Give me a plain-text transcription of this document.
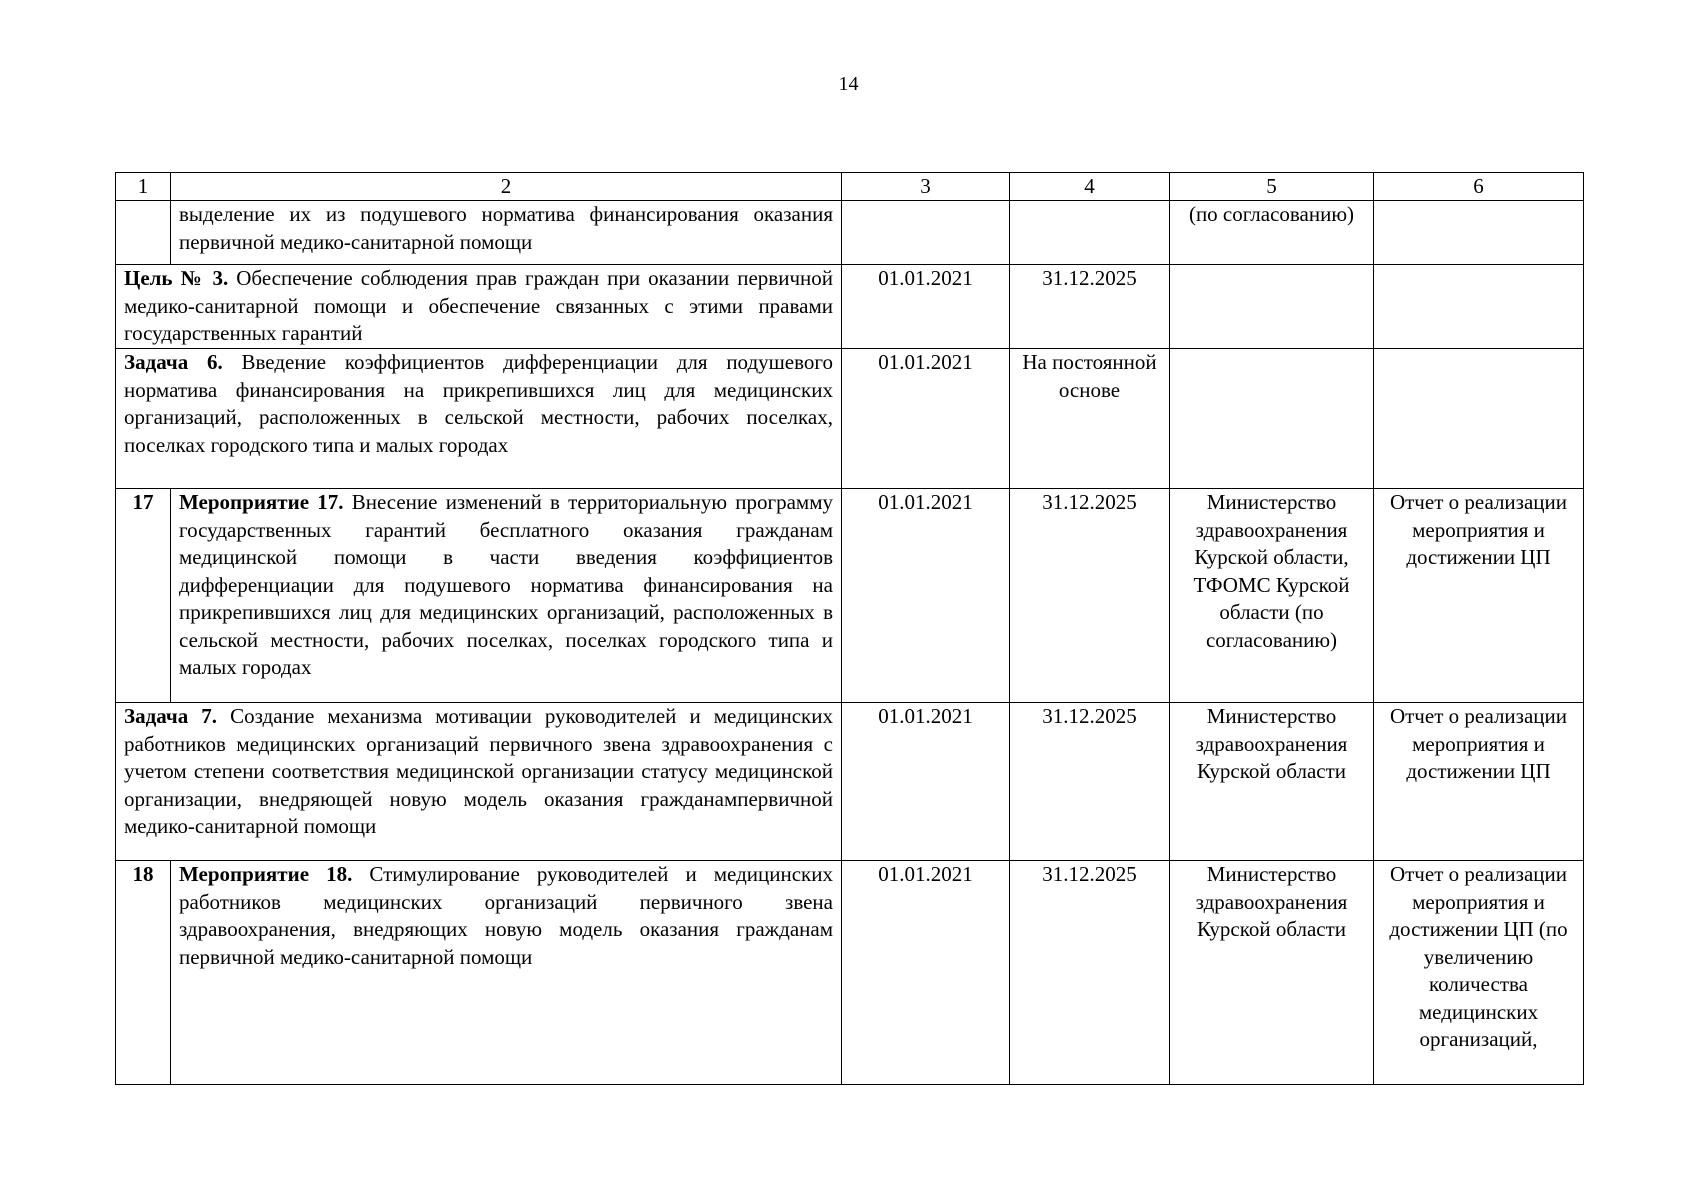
14
1	2	3	4	5	6
	выделение их из подушевого норматива финансирования оказания первичной медико-санитарной помощи			(по согласованию)	
Цель № 3. Обеспечение соблюдения прав граждан при оказании первичной медико-санитарной помощи и обеспечение связанных с этими правами государственных гарантий		01.01.2021	31.12.2025		
Задача 6. Введение коэффициентов дифференциации для подушевого норматива финансирования на прикрепившихся лиц для медицинских организаций, расположенных в сельской местности, рабочих поселках, поселках городского типа и малых городах		01.01.2021	На постоянной основе		
17	Мероприятие 17. Внесение изменений в территориальную программу государственных гарантий бесплатного оказания гражданам медицинской помощи в части введения коэффициентов дифференциации для подушевого норматива финансирования на прикрепившихся лиц для медицинских организаций, расположенных в сельской местности, рабочих поселках, поселках городского типа и малых городах	01.01.2021	31.12.2025	Министерство здравоохранения Курской области, ТФОМС Курской области (по согласованию)	Отчет о реализации мероприятия и достижении ЦП
Задача 7. Создание механизма мотивации руководителей и медицинских работников медицинских организаций первичного звена здравоохранения с учетом степени соответствия медицинской организации статусу медицинской организации, внедряющей новую модель оказания гражданампервичной медико-санитарной помощи		01.01.2021	31.12.2025	Министерство здравоохранения Курской области	Отчет о реализации мероприятия и достижении ЦП
18	Мероприятие 18. Стимулирование руководителей и медицинских работников медицинских организаций первичного звена здравоохранения, внедряющих новую модель оказания гражданам первичной медико-санитарной помощи	01.01.2021	31.12.2025	Министерство здравоохранения Курской области	Отчет о реализации мероприятия и достижении ЦП (по увеличению количества медицинских организаций,
